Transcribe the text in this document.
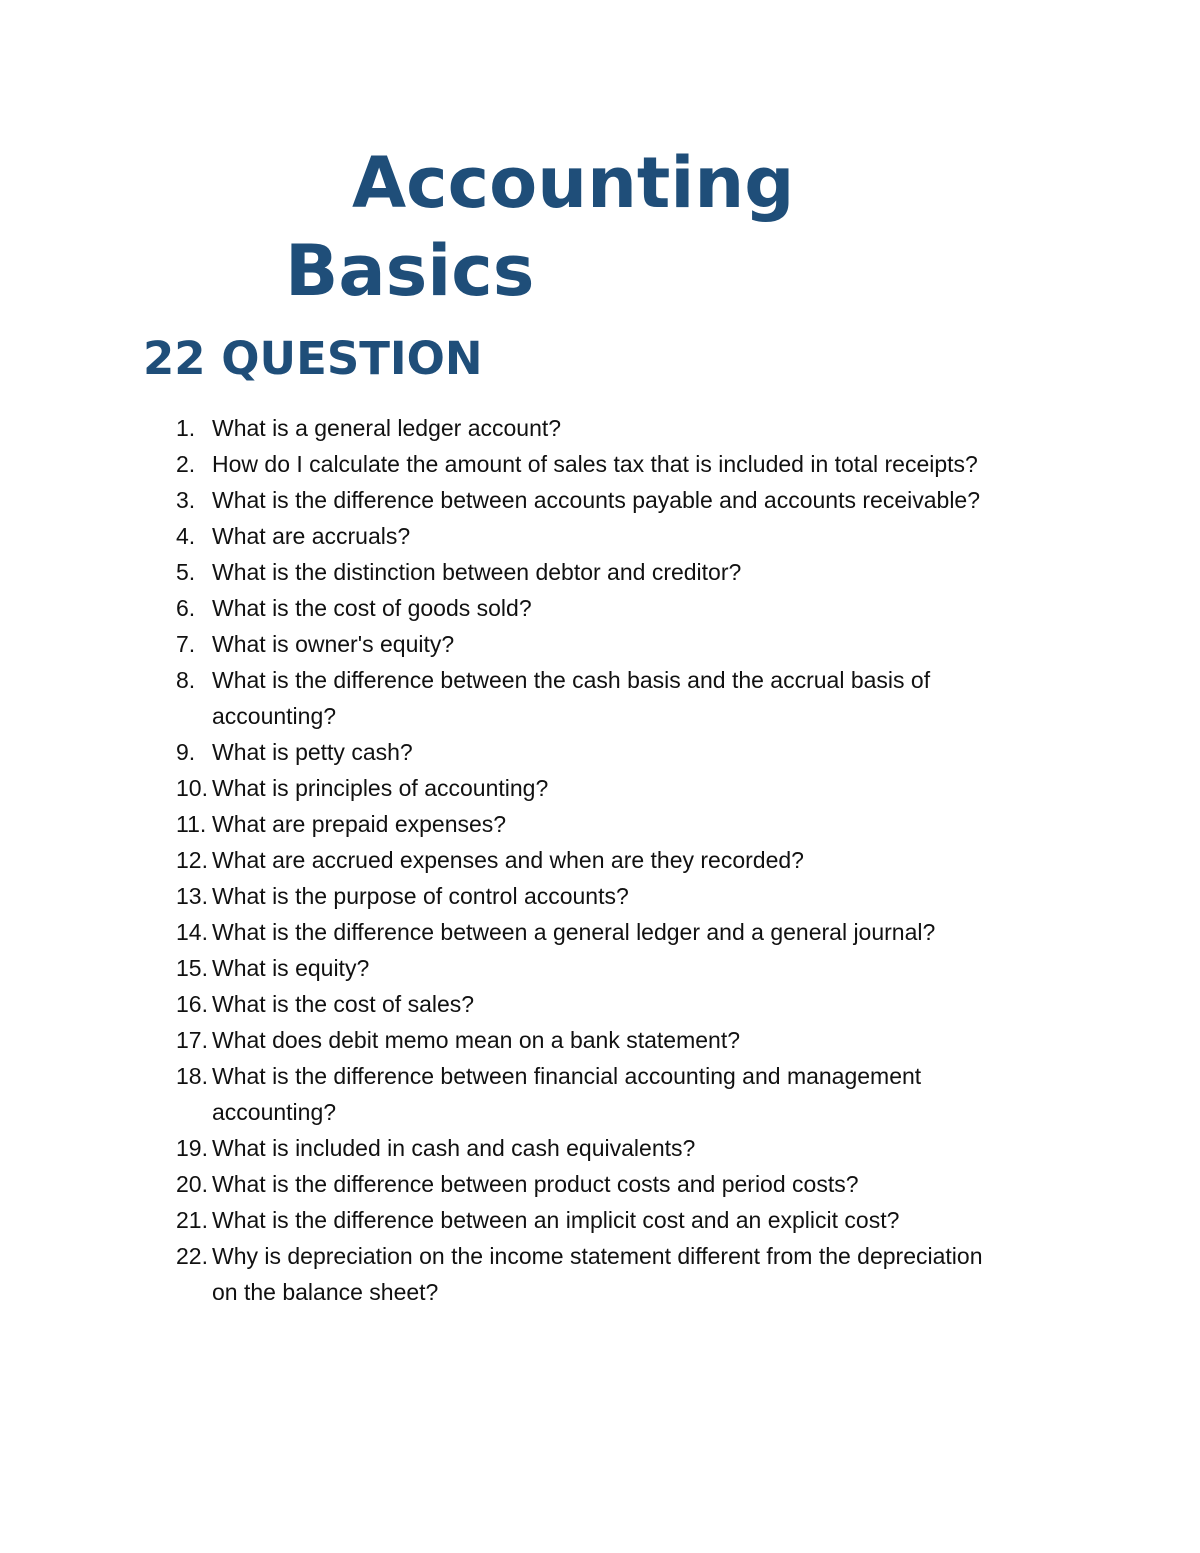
Accounting
Basics
22 QUESTION
1. What is a general ledger account?
2. How do I calculate the amount of sales tax that is included in total receipts?
3. What is the difference between accounts payable and accounts receivable?
4. What are accruals?
5. What is the distinction between debtor and creditor?
6. What is the cost of goods sold?
7. What is owner's equity?
8. What is the difference between the cash basis and the accrual basis of accounting?
9. What is petty cash?
10. What is principles of accounting?
11. What are prepaid expenses?
12. What are accrued expenses and when are they recorded?
13. What is the purpose of control accounts?
14. What is the difference between a general ledger and a general journal?
15. What is equity?
16. What is the cost of sales?
17. What does debit memo mean on a bank statement?
18. What is the difference between financial accounting and management accounting?
19. What is included in cash and cash equivalents?
20. What is the difference between product costs and period costs?
21. What is the difference between an implicit cost and an explicit cost?
22. Why is depreciation on the income statement different from the depreciation on the balance sheet?
